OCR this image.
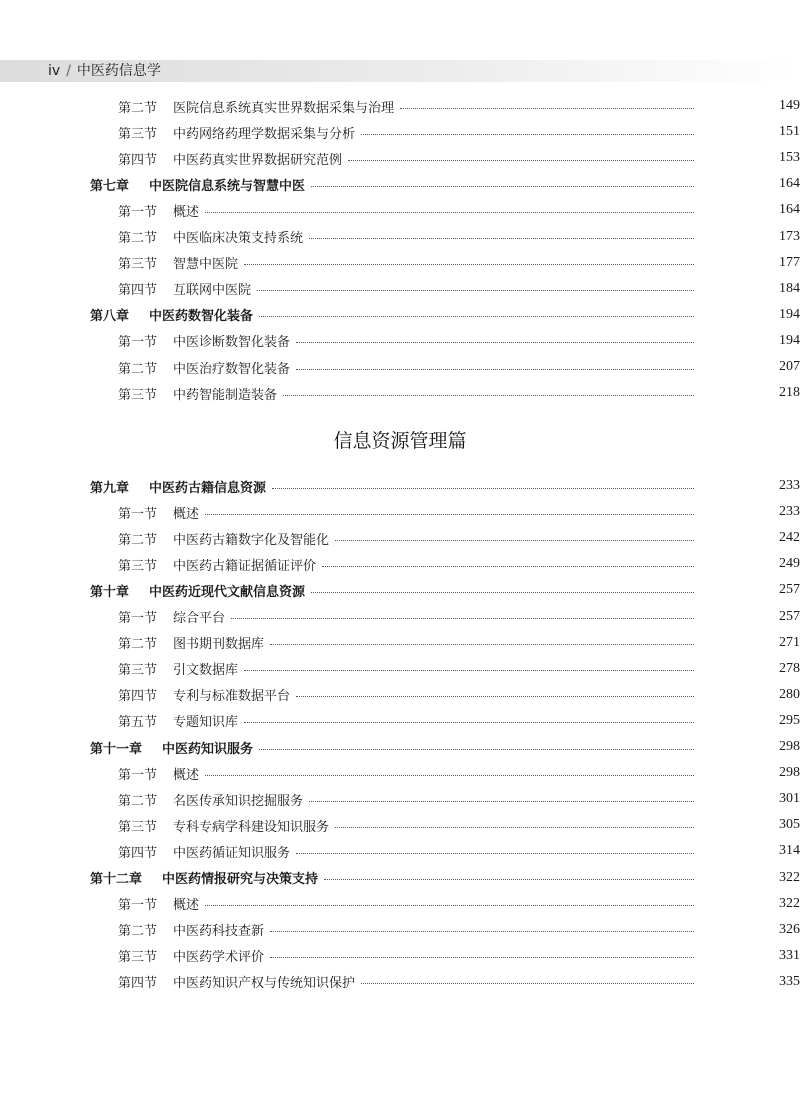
iv / 中医药信息学
信息资源管理篇
第二节 医院信息系统真实世界数据采集与治理	149
第三节 中药网络药理学数据采集与分析	151
第四节 中医药真实世界数据研究范例	153
第七章 中医院信息系统与智慧中医	164
第一节 概述	164
第二节 中医临床决策支持系统	173
第三节 智慧中医院	177
第四节 互联网中医院	184
第八章 中医药数智化装备	194
第一节 中医诊断数智化装备	194
第二节 中医治疗数智化装备	207
第三节 中药智能制造装备	218
第九章 中医药古籍信息资源	233
第一节 概述	233
第二节 中医药古籍数字化及智能化	242
第三节 中医药古籍证据循证评价	249
第十章 中医药近现代文献信息资源	257
第一节 综合平台	257
第二节 图书期刊数据库	271
第三节 引文数据库	278
第四节 专利与标准数据平台	280
第五节 专题知识库	295
第十一章 中医药知识服务	298
第一节 概述	298
第二节 名医传承知识挖掘服务	301
第三节 专科专病学科建设知识服务	305
第四节 中医药循证知识服务	314
第十二章 中医药情报研究与决策支持	322
第一节 概述	322
第二节 中医药科技查新	326
第三节 中医药学术评价	331
第四节 中医药知识产权与传统知识保护	335
